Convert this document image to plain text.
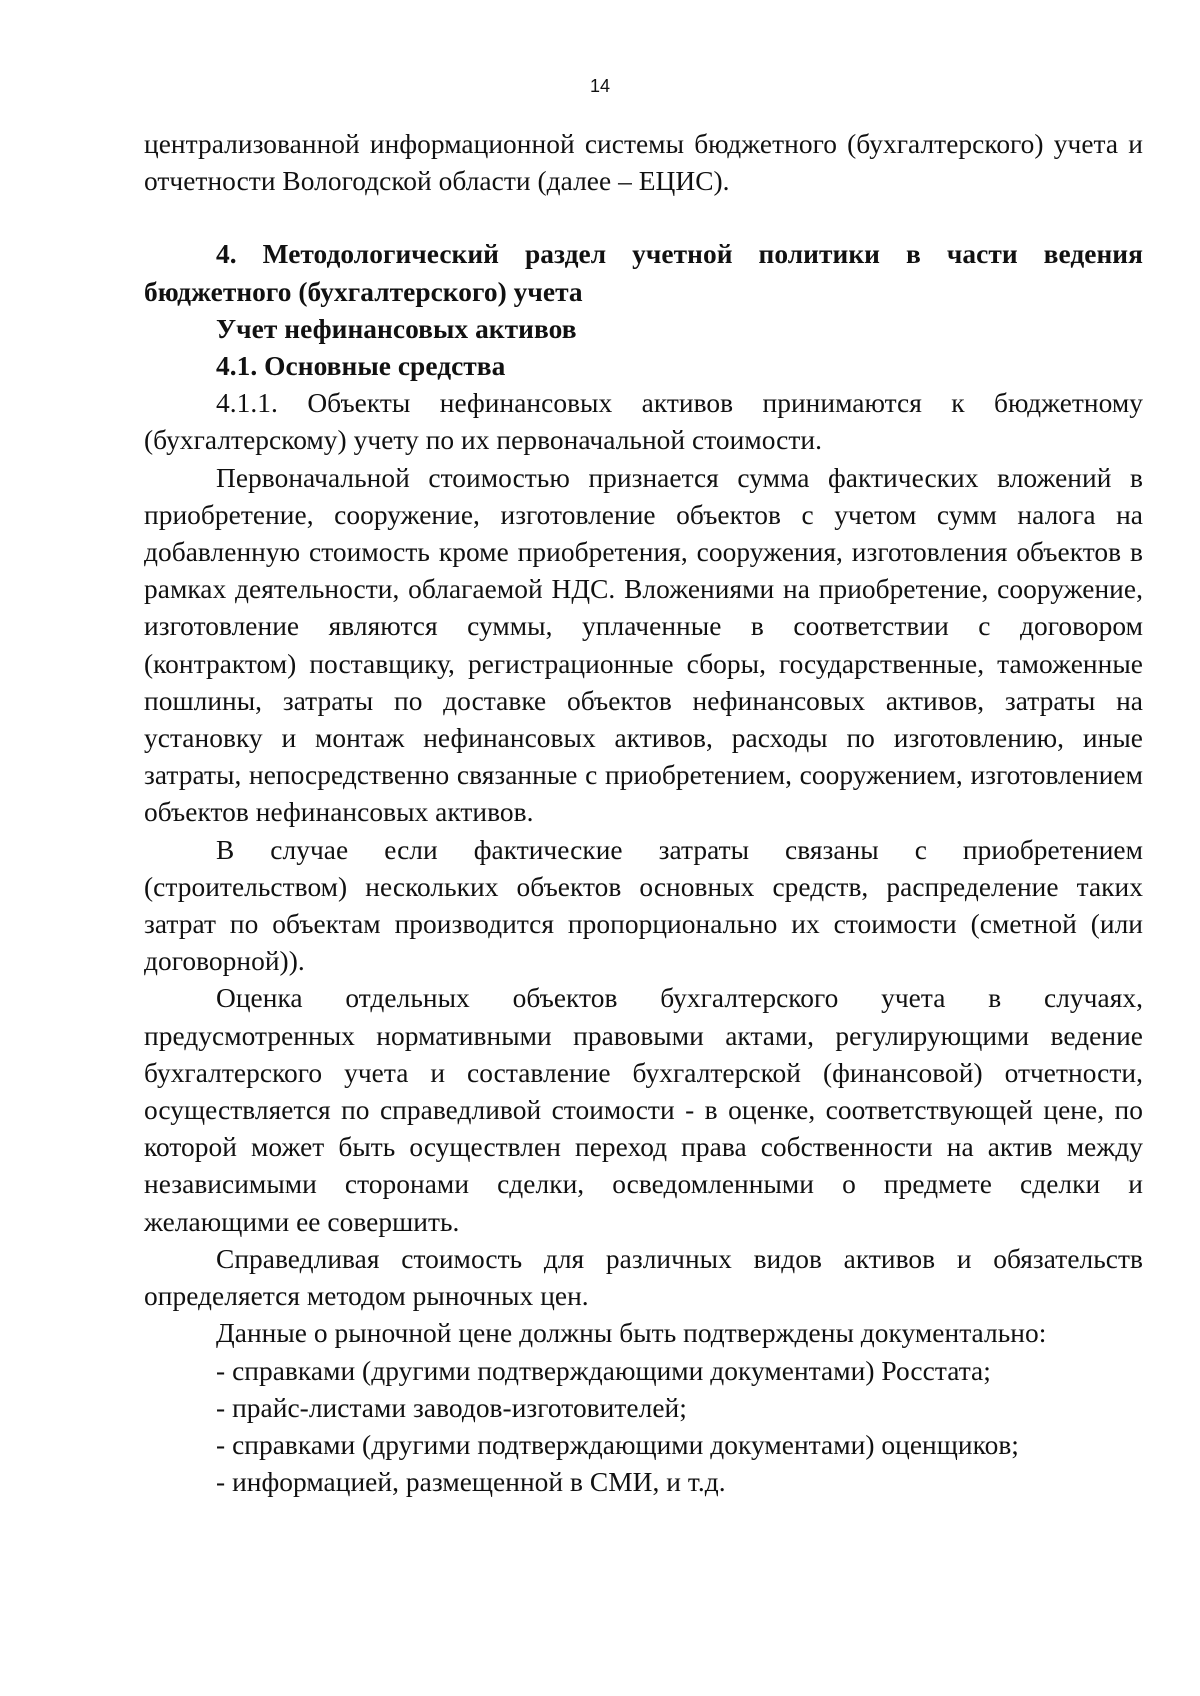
14

централизованной информационной системы бюджетного (бухгалтерского) учета и отчетности Вологодской области (далее – ЕЦИС).

4. Методологический раздел учетной политики в части ведения бюджетного (бухгалтерского) учета

Учет нефинансовых активов

4.1. Основные средства

4.1.1. Объекты нефинансовых активов принимаются к бюджетному (бухгалтерскому) учету по их первоначальной стоимости.

Первоначальной стоимостью признается сумма фактических вложений в приобретение, сооружение, изготовление объектов с учетом сумм налога на добавленную стоимость кроме приобретения, сооружения, изготовления объектов в рамках деятельности, облагаемой НДС. Вложениями на приобретение, сооружение, изготовление являются суммы, уплаченные в соответствии с договором (контрактом) поставщику, регистрационные сборы, государственные, таможенные пошлины, затраты по доставке объектов нефинансовых активов, затраты на установку и монтаж нефинансовых активов, расходы по изготовлению, иные затраты, непосредственно связанные с приобретением, сооружением, изготовлением объектов нефинансовых активов.

В случае если фактические затраты связаны с приобретением (строительством) нескольких объектов основных средств, распределение таких затрат по объектам производится пропорционально их стоимости (сметной (или договорной)).

Оценка отдельных объектов бухгалтерского учета в случаях, предусмотренных нормативными правовыми актами, регулирующими ведение бухгалтерского учета и составление бухгалтерской (финансовой) отчетности, осуществляется по справедливой стоимости - в оценке, соответствующей цене, по которой может быть осуществлен переход права собственности на актив между независимыми сторонами сделки, осведомленными о предмете сделки и желающими ее совершить.

Справедливая стоимость для различных видов активов и обязательств определяется методом рыночных цен.

Данные о рыночной цене должны быть подтверждены документально:

- справками (другими подтверждающими документами) Росстата;

- прайс-листами заводов-изготовителей;

- справками (другими подтверждающими документами) оценщиков;

- информацией, размещенной в СМИ, и т.д.
